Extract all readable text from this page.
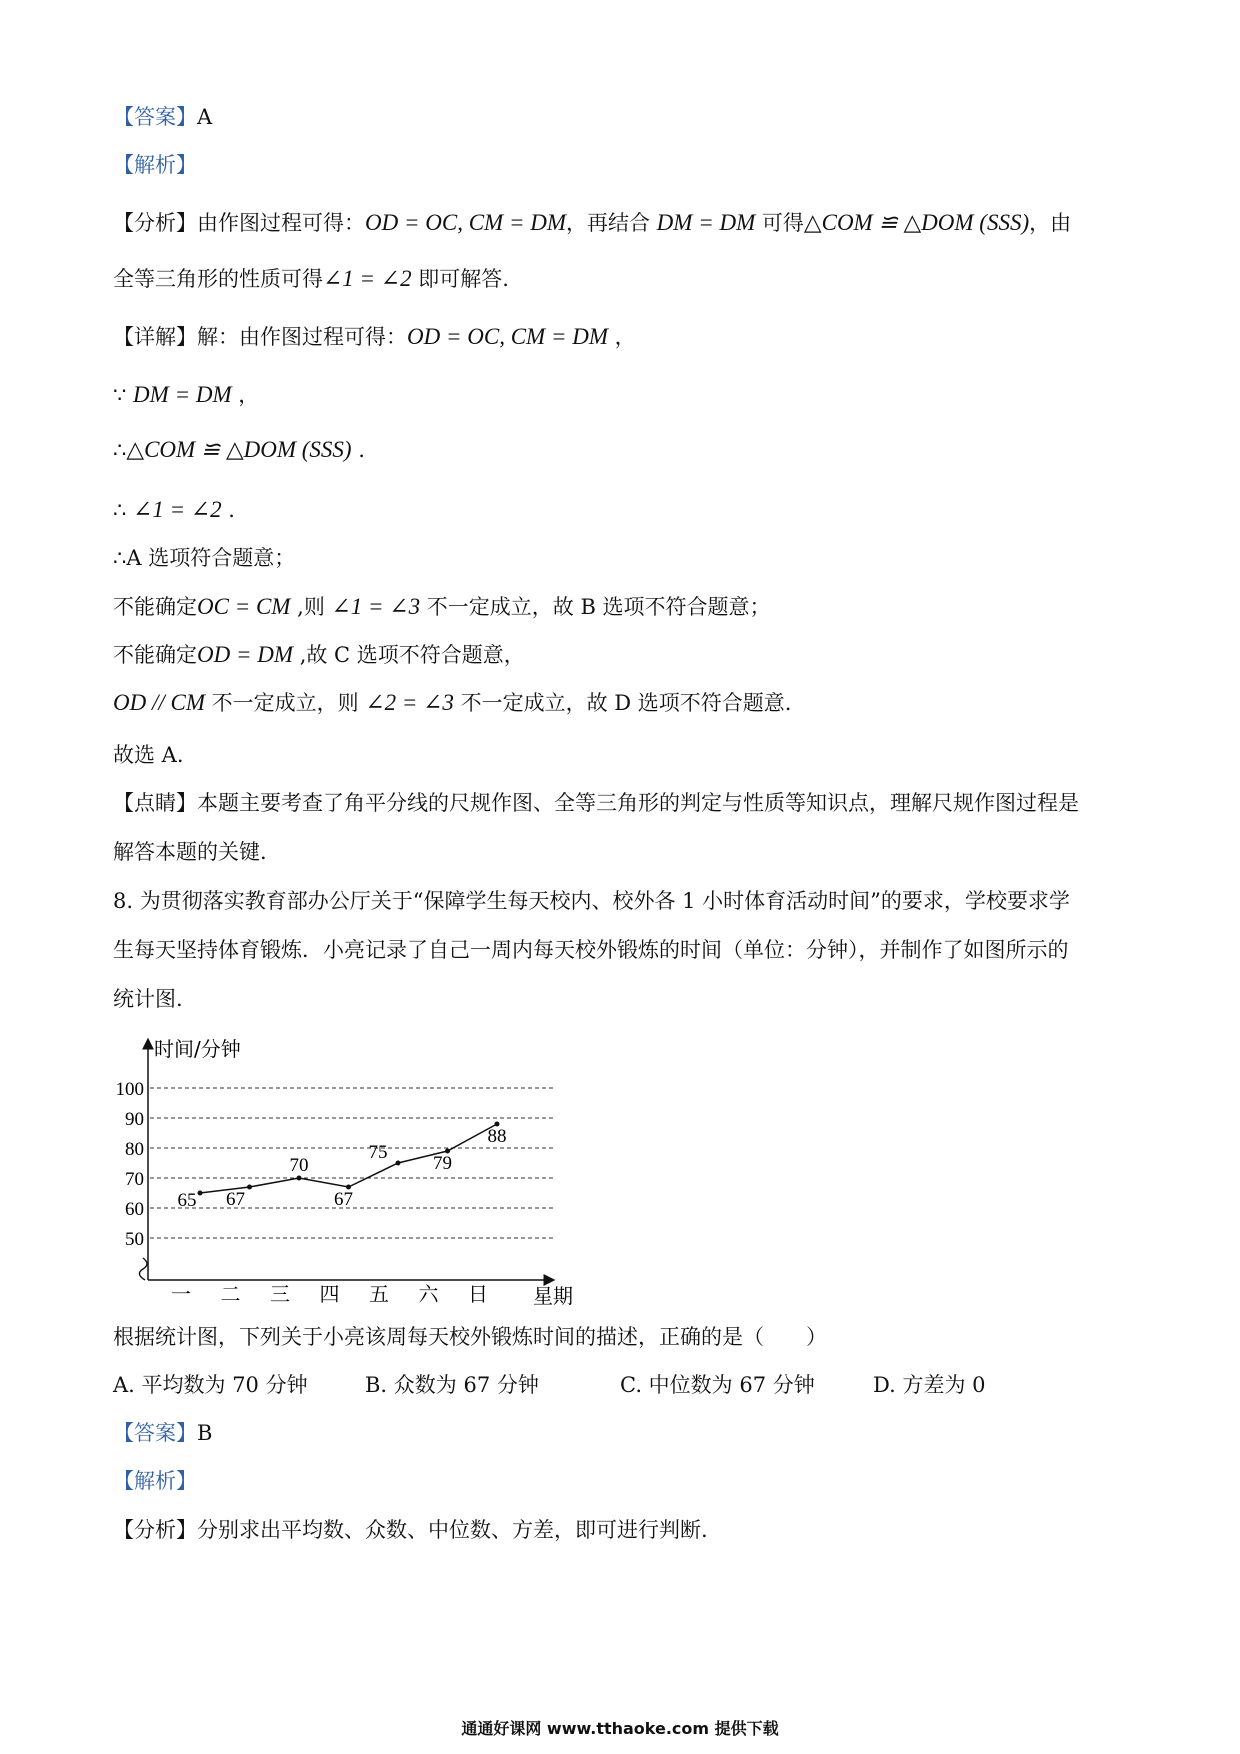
【答案】A
【解析】
【分析】由作图过程可得：OD = OC, CM = DM，再结合 DM = DM 可得△COM ≌ △DOM (SSS)，由
全等三角形的性质可得∠1 = ∠2 即可解答.
【详解】解：由作图过程可得：OD = OC, CM = DM ，
∵ DM = DM ，
∴△COM ≌ △DOM (SSS) .
∴ ∠1 = ∠2 .
∴A 选项符合题意；
不能确定OC = CM ,则 ∠1 = ∠3 不一定成立，故 B 选项不符合题意；
不能确定OD = DM ,故 C 选项不符合题意，
OD // CM 不一定成立，则 ∠2 = ∠3 不一定成立，故 D 选项不符合题意.
故选 A.
【点睛】本题主要考查了角平分线的尺规作图、全等三角形的判定与性质等知识点，理解尺规作图过程是
解答本题的关键.
8. 为贯彻落实教育部办公厅关于“保障学生每天校内、校外各 1 小时体育活动时间”的要求，学校要求学
生每天坚持体育锻炼．小亮记录了自己一周内每天校外锻炼的时间（单位：分钟），并制作了如图所示的
统计图.
50
60
70
80
90
100
时间/分钟
星期
一 二 三 四 五 六 日
65 67
70
67
75
79
88
根据统计图，下列关于小亮该周每天校外锻炼时间的描述，正确的是（　　）
A. 平均数为 70 分钟	B. 众数为 67 分钟	C. 中位数为 67 分钟	D. 方差为 0
【答案】B
【解析】
【分析】分别求出平均数、众数、中位数、方差，即可进行判断.
通通好课网 www.tthaoke.com 提供下载
